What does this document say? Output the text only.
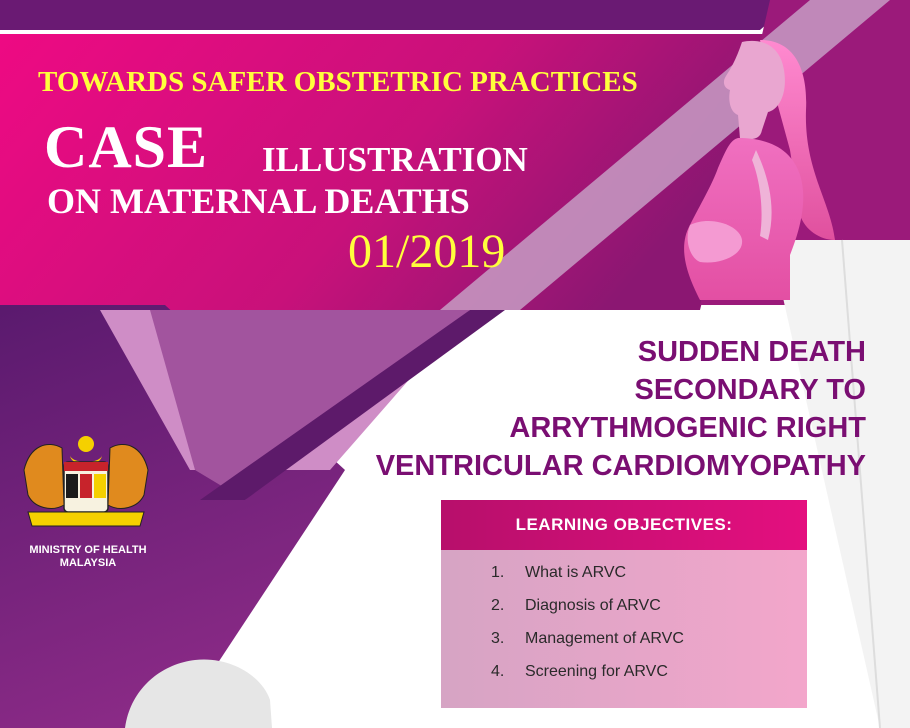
TOWARDS SAFER OBSTETRIC PRACTICES

CASE ILLUSTRATION

ON MATERNAL DEATHS

01/2019

SUDDEN DEATH

SECONDARY TO

ARRYTHMOGENIC RIGHT

VENTRICULAR CARDIOMYOPATHY

LEARNING OBJECTIVES:
1. What is ARVC
2. Diagnosis of ARVC
3. Management of ARVC
4. Screening for ARVC
MINISTRY OF HEALTH
MALAYSIA
